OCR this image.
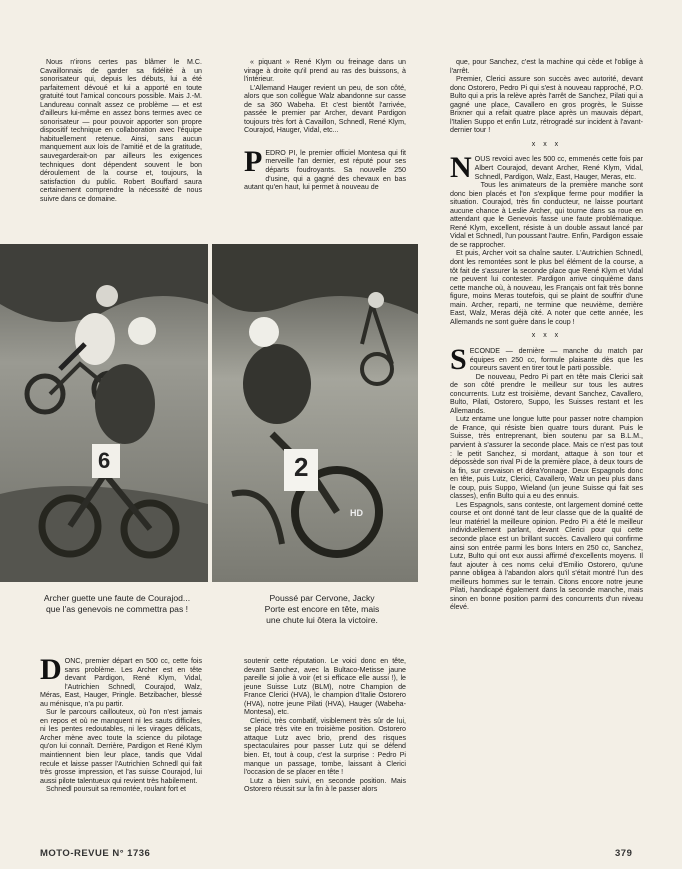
Nous n'irons certes pas blâmer le M.C. Cavaillonnais de garder sa fidélité à un sonorisateur qui, depuis les débuts, lui a été parfaitement dévoué et lui a apporté en toute gratuité tout l'amical concours possible. Mais J.-M. Landureau connaît assez ce problème — et est d'ailleurs lui-même en assez bons termes avec ce sonorisateur — pour pouvoir apporter son propre dispositif technique en collaboration avec l'équipe habituellement retenue. Ainsi, sans aucun manquement aux lois de l'amitié et de la gratitude, sauvegarderait-on par ailleurs les exigences techniques dont dépendent souvent le bon déroulement de la course et, toujours, la satisfaction du public. Robert Bouffard saura certainement comprendre la nécessité de nous suivre dans ce domaine.

« piquant » René Klym ou freinage dans un virage à droite qu'il prend au ras des buissons, à l'intérieur.

L'Allemand Hauger revient un peu, de son côté, alors que son collègue Walz abandonne sur casse de sa 360 Wabeha. Et c'est bientôt l'arrivée, passée le premier par Archer, devant Pardigon toujours très fort à Cavaillon, Schnedl, René Klym, Courajod, Hauger, Vidal, etc...

PEDRO PI, le premier officiel Montesa qui fit merveille l'an dernier, est réputé pour ses départs foudroyants. Sa nouvelle 250 d'usine, qui a gagné des chevaux en bas autant qu'en haut, lui permet à nouveau de

que, pour Sanchez, c'est la machine qui cède et l'oblige à l'arrêt.

Premier, Clerici assure son succès avec autorité, devant donc Ostorero, Pedro Pi qui s'est à nouveau rapproché, P.O. Bulto qui a pris la relève après l'arrêt de Sanchez, Pilati qui a gagné une place, Cavallero en gros progrès, le Suisse Brixner qui a refait quatre place après un mauvais départ, l'Italien Suppo et enfin Lutz, rétrogradé sur incident à l'avant-dernier tour !

x x x

NOUS revoici avec les 500 cc, emmenés cette fois par Albert Courajod, devant Archer, René Klym, Vidal, Schnedl, Pardigon, Walz, East, Hauger, Meras, etc.

Tous les animateurs de la première manche sont donc bien placés et l'on s'explique ferme pour modifier la situation. Courajod, très fin conducteur, ne laisse pourtant aucune chance à Leslie Archer, qui tourne dans sa roue en attendant que le Genevois fasse une faute problématique. René Klym, excellent, résiste à un double assaut lancé par Vidal et Schnedl, l'un poussant l'autre. Enfin, Pardigon essaie de se rapprocher.

Et puis, Archer voit sa chaîne sauter. L'Autrichien Schnedl, dont les remontées sont le plus bel élément de la course, a tôt fait de s'assurer la seconde place que René Klym et Vidal ne peuvent lui contester. Pardigon arrive cinquième dans cette manche où, à nouveau, les Français ont fait très bonne figure, moins Meras toutefois, qui se plaint de souffrir d'une main. Archer, reparti, ne termine que neuvième, derrière East, Walz, Meras déjà cité. A noter que cette année, les Allemands ne sont guère dans le coup !

x x x

SECONDE — dernière — manche du match par équipes en 250 cc, formule plaisante dès que les coureurs savent en tirer tout le parti possible.

De nouveau, Pedro Pi part en tête mais Clerici sait de son côté prendre le meilleur sur tous les autres concurrents. Lutz est troisième, devant Sanchez, Cavallero, Bulto, Pilati, Ostorero, Suppo, les Suisses restant et les Allemands.

Lutz entame une longue lutte pour passer notre champion de France, qui résiste bien quatre tours durant. Puis le Suisse, très entreprenant, bien soutenu par sa B.L.M., parvient à s'assurer la seconde place. Mais ce n'est pas tout : le petit Sanchez, si mordant, attaque à son tour et dépossède son rival Pi de la première place, à deux tours de la fin, sur crevaison et déraYonnage. Deux Espagnols donc en tête, puis Lutz, Clerici, Cavallero, Walz un peu plus dans le coup, puis Suppo, Wieland (un jeune Suisse qui fait ses classes), enfin Bulto qui a eu des ennuis.

Les Espagnols, sans conteste, ont largement dominé cette course et ont donné tant de leur classe que de la qualité de leur matériel la meilleure opinion. Pedro Pi a été le meilleur individuellement parlant, devant Clerici pour qui cette seconde place est un brillant succès. Cavallero qui confirme ainsi son entrée parmi les bons Inters en 250 cc, Sanchez, Lutz, Bulto qui ont eux aussi affirmé d'excellents moyens. Il faut ajouter à ces noms celui d'Emilio Ostorero, qu'une panne obligea à l'abandon alors qu'il s'était montré l'un des meilleurs hommes sur le terrain. Citons encore notre jeune Pilati, handicapé également dans la seconde manche, mais sinon en bonne position parmi des concurrents d'un niveau élevé.

6	2
HD
Archer guette une faute de Courajod... que l'as genevois ne commettra pas !
Poussé par Cervone, Jacky Porte est encore en tête, mais une chute lui ôtera la victoire.

DONC, premier départ en 500 cc, cette fois sans problème. Les Archer est en tête devant Pardigon, René Klym, Vidal, l'Autrichien Schnedl, Courajod, Walz, Méras, East, Hauger, Pringle. Betzibacher, blessé au ménisque, n'a pu partir.

Sur le parcours caillouteux, où l'on n'est jamais en repos et où ne manquent ni les sauts difficiles, ni les pentes redoutables, ni les virages délicats, Archer mène avec toute la science du pilotage qu'on lui connaît. Derrière, Pardigon et René Klym maintiennent bien leur place, tandis que Vidal recule et laisse passer l'Autrichien Schnedl qui fait très grosse impression, et l'as suisse Courajod, lui aussi pilote talentueux qui revient très habilement.

Schnedl poursuit sa remontée, roulant fort et

soutenir cette réputation. Le voici donc en tête, devant Sanchez, avec la Bultaco-Metisse jaune pareille si jolie à voir (et si efficace elle aussi !), le jeune Suisse Lutz (BLM), notre Champion de France Clerici (HVA), le champion d'Italie Ostorero (HVA), notre jeune Pilati (HVA), Hauger (Wabeha-Montesa), etc.

Clerici, très combatif, visiblement très sûr de lui, se place très vite en troisième position. Ostorero attaque Lutz avec brio, prend des risques spectaculaires pour passer Lutz qui se défend bien. Et, tout à coup, c'est la surprise : Pedro Pi manque un passage, tombe, laissant à Clerici l'occasion de se placer en tête !

Lutz a bien suivi, en seconde position. Mais Ostorero réussit sur la fin à le passer alors

MOTO-REVUE N° 1736	379
